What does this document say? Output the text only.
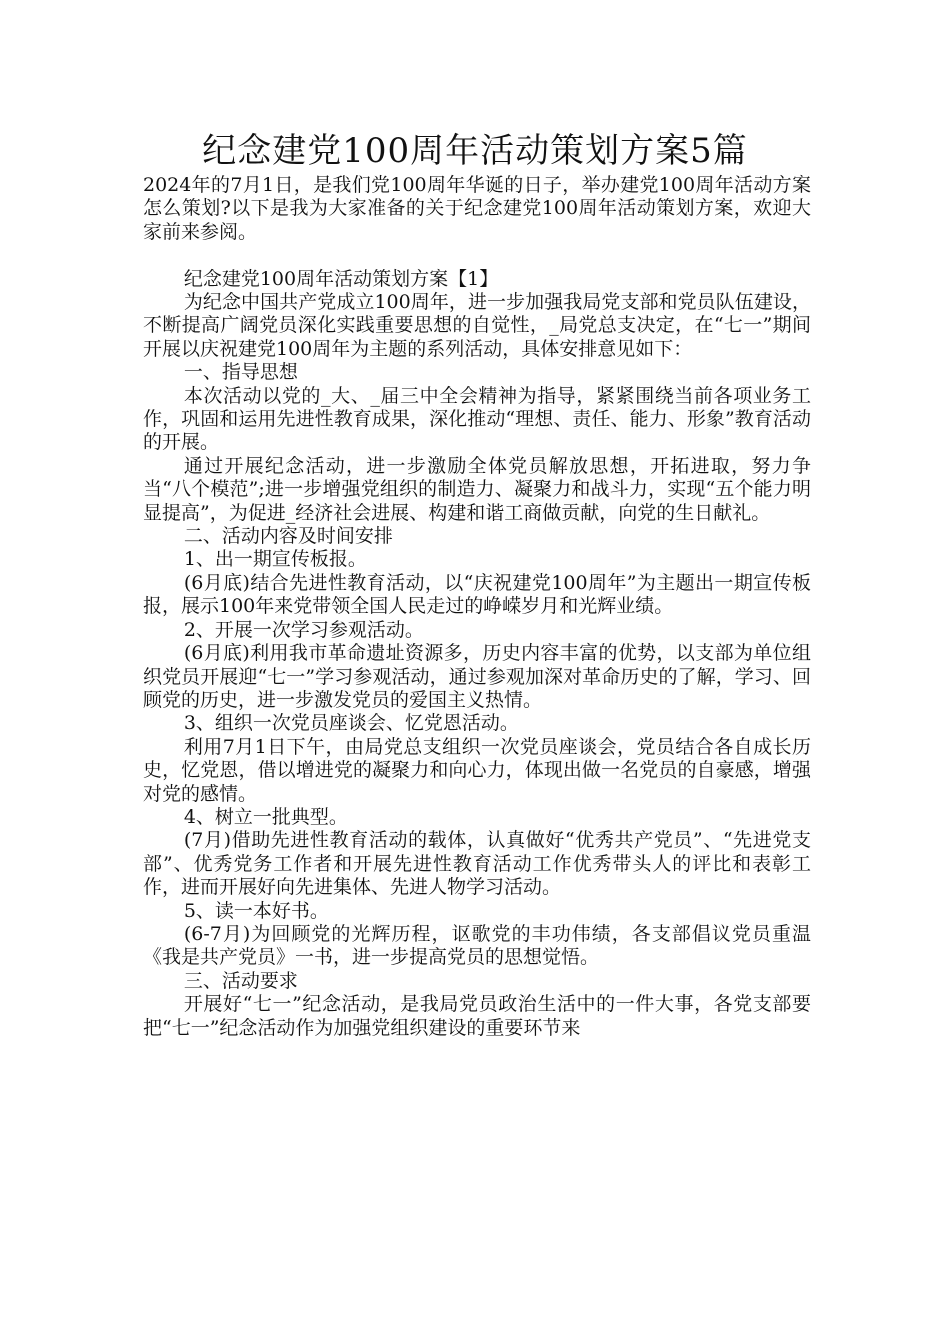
纪念建党100周年活动策划方案5篇

2024年的7月1日，是我们党100周年华诞的日子，举办建党100周年活动方案怎么策划?以下是我为大家准备的关于纪念建党100周年活动策划方案，欢迎大家前来参阅。

纪念建党100周年活动策划方案【1】

为纪念中国共产党成立100周年，进一步加强我局党支部和党员队伍建设，不断提高广阔党员深化实践重要思想的自觉性，_局党总支决定，在“七一”期间开展以庆祝建党100周年为主题的系列活动，具体安排意见如下：

一、指导思想

本次活动以党的_大、_届三中全会精神为指导，紧紧围绕当前各项业务工作，巩固和运用先进性教育成果，深化推动“理想、责任、能力、形象”教育活动的开展。

通过开展纪念活动，进一步激励全体党员解放思想，开拓进取，努力争当“八个模范”;进一步增强党组织的制造力、凝聚力和战斗力，实现“五个能力明显提高”，为促进_经济社会进展、构建和谐工商做贡献，向党的生日献礼。

二、活动内容及时间安排

1、出一期宣传板报。

(6月底)结合先进性教育活动，以“庆祝建党100周年”为主题出一期宣传板报，展示100年来党带领全国人民走过的峥嵘岁月和光辉业绩。

2、开展一次学习参观活动。

(6月底)利用我市革命遗址资源多，历史内容丰富的优势，以支部为单位组织党员开展迎“七一”学习参观活动，通过参观加深对革命历史的了解，学习、回顾党的历史，进一步激发党员的爱国主义热情。

3、组织一次党员座谈会、忆党恩活动。

利用7月1日下午，由局党总支组织一次党员座谈会，党员结合各自成长历史，忆党恩，借以增进党的凝聚力和向心力，体现出做一名党员的自豪感，增强对党的感情。

4、树立一批典型。

(7月)借助先进性教育活动的载体，认真做好“优秀共产党员”、“先进党支部”、优秀党务工作者和开展先进性教育活动工作优秀带头人的评比和表彰工作，进而开展好向先进集体、先进人物学习活动。

5、读一本好书。

(6-7月)为回顾党的光辉历程，讴歌党的丰功伟绩，各支部倡议党员重温《我是共产党员》一书，进一步提高党员的思想觉悟。

三、活动要求

开展好“七一”纪念活动，是我局党员政治生活中的一件大事，各党支部要把“七一”纪念活动作为加强党组织建设的重要环节来
